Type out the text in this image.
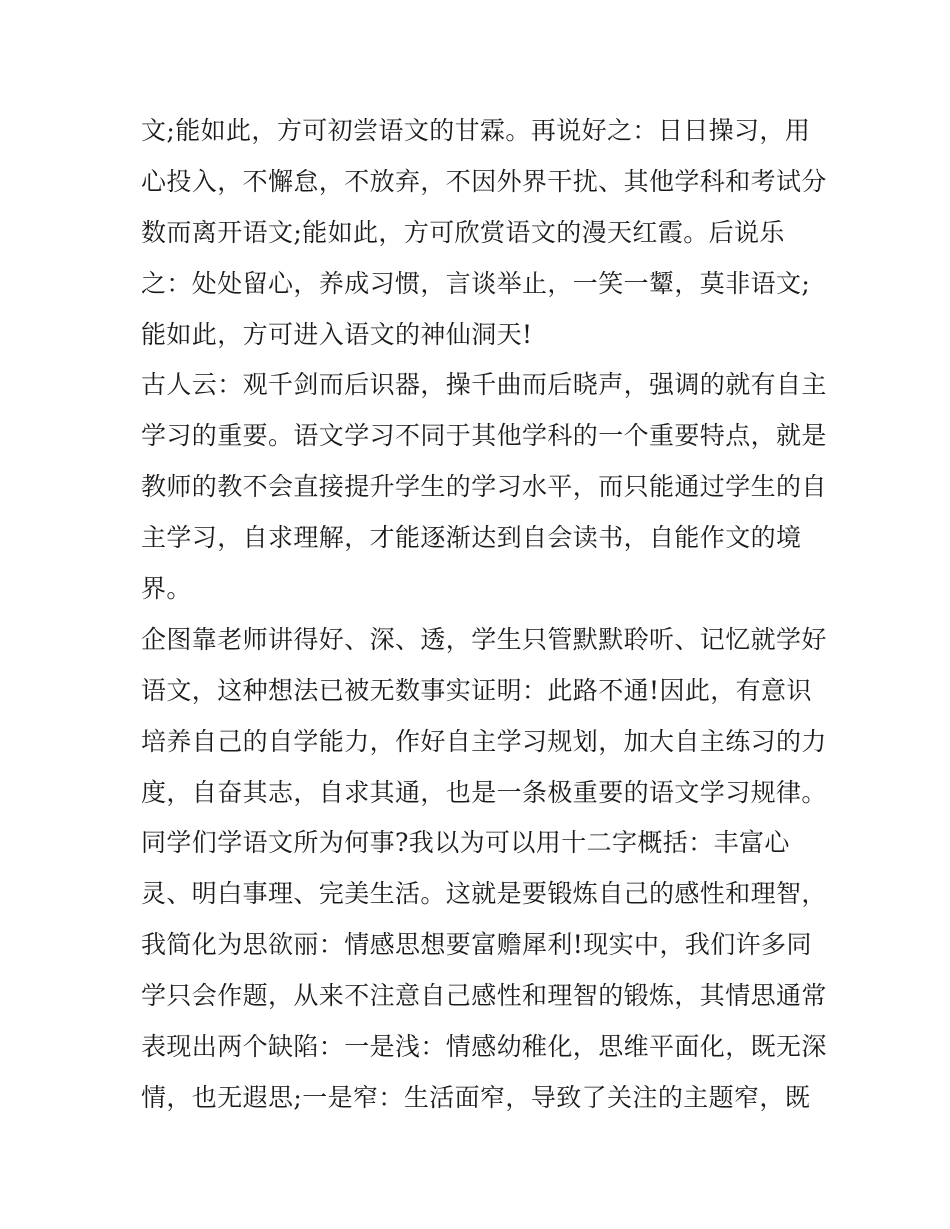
文;能如此，方可初尝语文的甘霖。再说好之：日日操习，用
心投入，不懈怠，不放弃，不因外界干扰、其他学科和考试分
数而离开语文;能如此，方可欣赏语文的漫天红霞。后说乐
之：处处留心，养成习惯，言谈举止，一笑一颦，莫非语文;
能如此，方可进入语文的神仙洞天!
古人云：观千剑而后识器，操千曲而后晓声，强调的就有自主
学习的重要。语文学习不同于其他学科的一个重要特点，就是
教师的教不会直接提升学生的学习水平，而只能通过学生的自
主学习，自求理解，才能逐渐达到自会读书，自能作文的境
界。
企图靠老师讲得好、深、透，学生只管默默聆听、记忆就学好
语文，这种想法已被无数事实证明：此路不通!因此，有意识
培养自己的自学能力，作好自主学习规划，加大自主练习的力
度，自奋其志，自求其通，也是一条极重要的语文学习规律。
同学们学语文所为何事?我以为可以用十二字概括：丰富心
灵、明白事理、完美生活。这就是要锻炼自己的感性和理智，
我简化为思欲丽：情感思想要富赡犀利!现实中，我们许多同
学只会作题，从来不注意自己感性和理智的锻炼，其情思通常
表现出两个缺陷：一是浅：情感幼稚化，思维平面化，既无深
情，也无遐思;一是窄：生活面窄，导致了关注的主题窄，既
